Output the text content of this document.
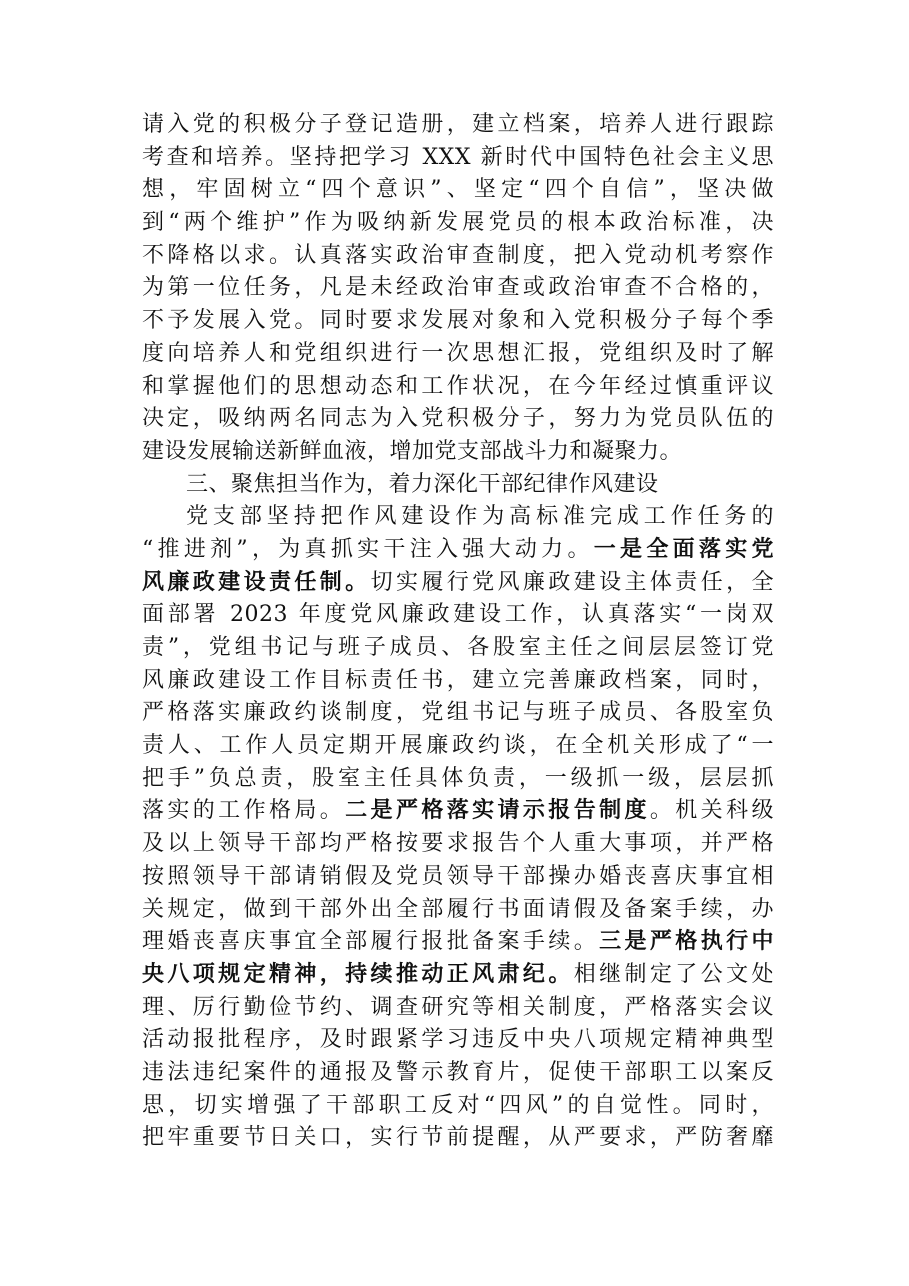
请入党的积极分子登记造册，建立档案，培养人进行跟踪
考查和培养。坚持把学习 XXX 新时代中国特色社会主义思
想，牢固树立“四个意识”、坚定“四个自信”，坚决做
到“两个维护”作为吸纳新发展党员的根本政治标准，决
不降格以求。认真落实政治审查制度，把入党动机考察作
为第一位任务，凡是未经政治审查或政治审查不合格的，
不予发展入党。同时要求发展对象和入党积极分子每个季
度向培养人和党组织进行一次思想汇报，党组织及时了解
和掌握他们的思想动态和工作状况，在今年经过慎重评议
决定，吸纳两名同志为入党积极分子，努力为党员队伍的
建设发展输送新鲜血液，增加党支部战斗力和凝聚力。
三、聚焦担当作为，着力深化干部纪律作风建设
党支部坚持把作风建设作为高标准完成工作任务的
“推进剂”，为真抓实干注入强大动力。一是全面落实党
风廉政建设责任制。切实履行党风廉政建设主体责任，全
面部署 2023 年度党风廉政建设工作，认真落实“一岗双
责”，党组书记与班子成员、各股室主任之间层层签订党
风廉政建设工作目标责任书，建立完善廉政档案，同时，
严格落实廉政约谈制度，党组书记与班子成员、各股室负
责人、工作人员定期开展廉政约谈，在全机关形成了“一
把手”负总责，股室主任具体负责，一级抓一级，层层抓
落实的工作格局。二是严格落实请示报告制度。机关科级
及以上领导干部均严格按要求报告个人重大事项，并严格
按照领导干部请销假及党员领导干部操办婚丧喜庆事宜相
关规定，做到干部外出全部履行书面请假及备案手续，办
理婚丧喜庆事宜全部履行报批备案手续。三是严格执行中
央八项规定精神，持续推动正风肃纪。相继制定了公文处
理、厉行勤俭节约、调查研究等相关制度，严格落实会议
活动报批程序，及时跟紧学习违反中央八项规定精神典型
违法违纪案件的通报及警示教育片，促使干部职工以案反
思，切实增强了干部职工反对“四风”的自觉性。同时，
把牢重要节日关口，实行节前提醒，从严要求，严防奢靡
